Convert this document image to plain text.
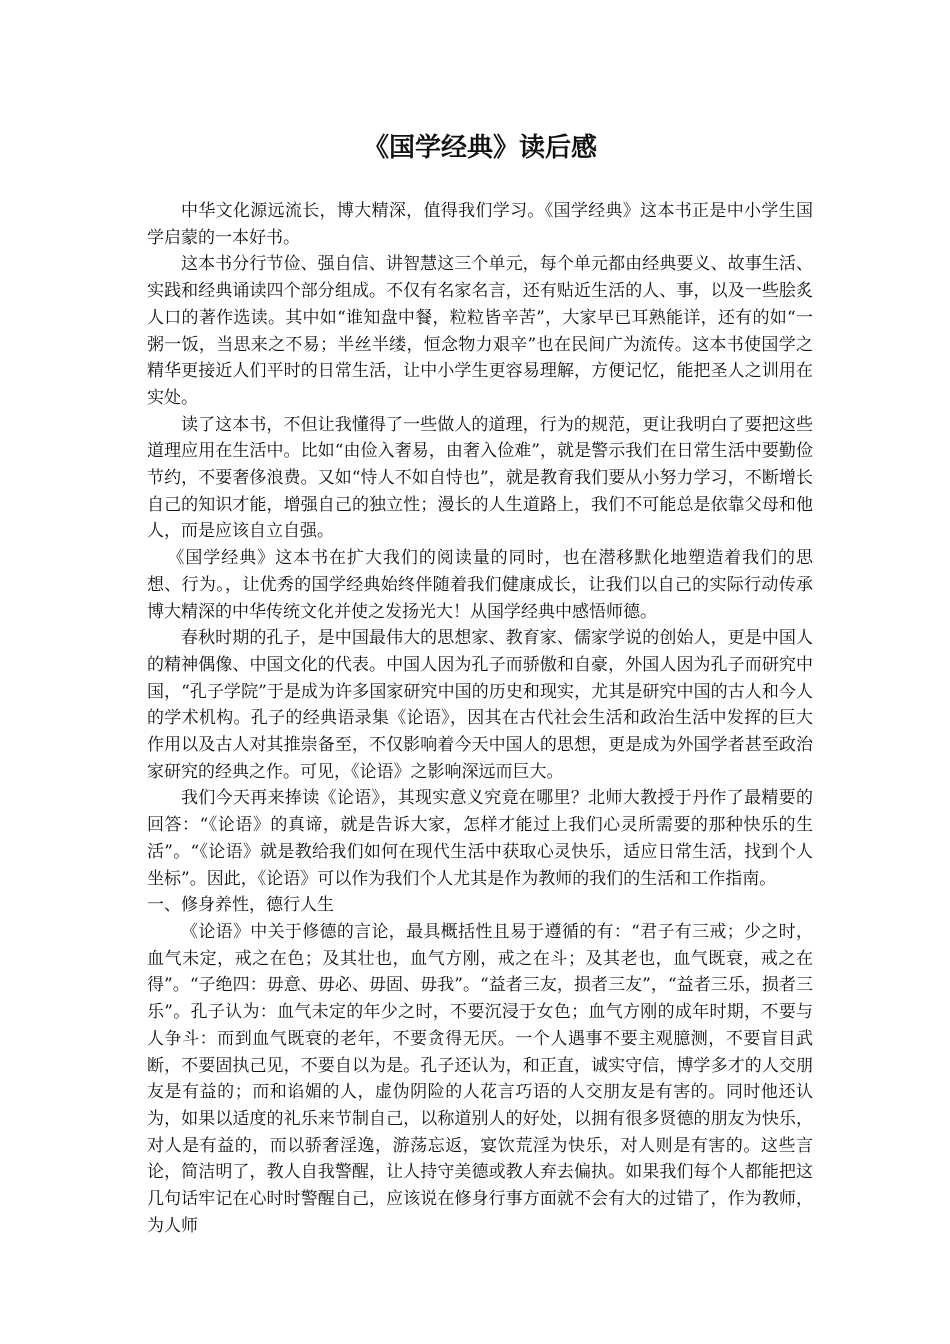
《国学经典》读后感

中华文化源远流长，博大精深，值得我们学习。《国学经典》这本书正是中小学生国学启蒙的一本好书。

这本书分行节俭、强自信、讲智慧这三个单元，每个单元都由经典要义、故事生活、实践和经典诵读四个部分组成。不仅有名家名言，还有贴近生活的人、事，以及一些脍炙人口的著作选读。其中如“谁知盘中餐，粒粒皆辛苦”，大家早已耳熟能详，还有的如“一粥一饭，当思来之不易；半丝半缕，恒念物力艰辛”也在民间广为流传。这本书使国学之精华更接近人们平时的日常生活，让中小学生更容易理解，方便记忆，能把圣人之训用在实处。

读了这本书，不但让我懂得了一些做人的道理，行为的规范，更让我明白了要把这些道理应用在生活中。比如“由俭入奢易，由奢入俭难”，就是警示我们在日常生活中要勤俭节约，不要奢侈浪费。又如“恃人不如自恃也”，就是教育我们要从小努力学习，不断增长自己的知识才能，增强自己的独立性；漫长的人生道路上，我们不可能总是依靠父母和他人，而是应该自立自强。

《国学经典》这本书在扩大我们的阅读量的同时，也在潜移默化地塑造着我们的思想、行为。，让优秀的国学经典始终伴随着我们健康成长，让我们以自己的实际行动传承博大精深的中华传统文化并使之发扬光大！从国学经典中感悟师德。

春秋时期的孔子，是中国最伟大的思想家、教育家、儒家学说的创始人，更是中国人的精神偶像、中国文化的代表。中国人因为孔子而骄傲和自豪，外国人因为孔子而研究中国，“孔子学院”于是成为许多国家研究中国的历史和现实，尤其是研究中国的古人和今人的学术机构。孔子的经典语录集《论语》，因其在古代社会生活和政治生活中发挥的巨大作用以及古人对其推崇备至，不仅影响着今天中国人的思想，更是成为外国学者甚至政治家研究的经典之作。可见，《论语》之影响深远而巨大。

我们今天再来捧读《论语》，其现实意义究竟在哪里？北师大教授于丹作了最精要的回答：“《论语》的真谛，就是告诉大家，怎样才能过上我们心灵所需要的那种快乐的生活”。“《论语》就是教给我们如何在现代生活中获取心灵快乐，适应日常生活，找到个人坐标”。因此，《论语》可以作为我们个人尤其是作为教师的我们的生活和工作指南。

一、修身养性，德行人生

《论语》中关于修德的言论，最具概括性且易于遵循的有：“君子有三戒；少之时，血气未定，戒之在色；及其壮也，血气方刚，戒之在斗；及其老也，血气既衰，戒之在得”。“子绝四：毋意、毋必、毋固、毋我”。“益者三友，损者三友”，“益者三乐，损者三乐”。孔子认为：血气未定的年少之时，不要沉浸于女色；血气方刚的成年时期，不要与人争斗：而到血气既衰的老年，不要贪得无厌。一个人遇事不要主观臆测，不要盲目武断，不要固执己见，不要自以为是。孔子还认为，和正直，诚实守信，博学多才的人交朋友是有益的；而和谄媚的人，虚伪阴险的人花言巧语的人交朋友是有害的。同时他还认为，如果以适度的礼乐来节制自己，以称道别人的好处，以拥有很多贤德的朋友为快乐，对人是有益的，而以骄奢淫逸，游荡忘返，宴饮荒淫为快乐，对人则是有害的。这些言论，简洁明了，教人自我警醒，让人持守美德或教人弃去偏执。如果我们每个人都能把这几句话牢记在心时时警醒自己，应该说在修身行事方面就不会有大的过错了，作为教师，为人师
